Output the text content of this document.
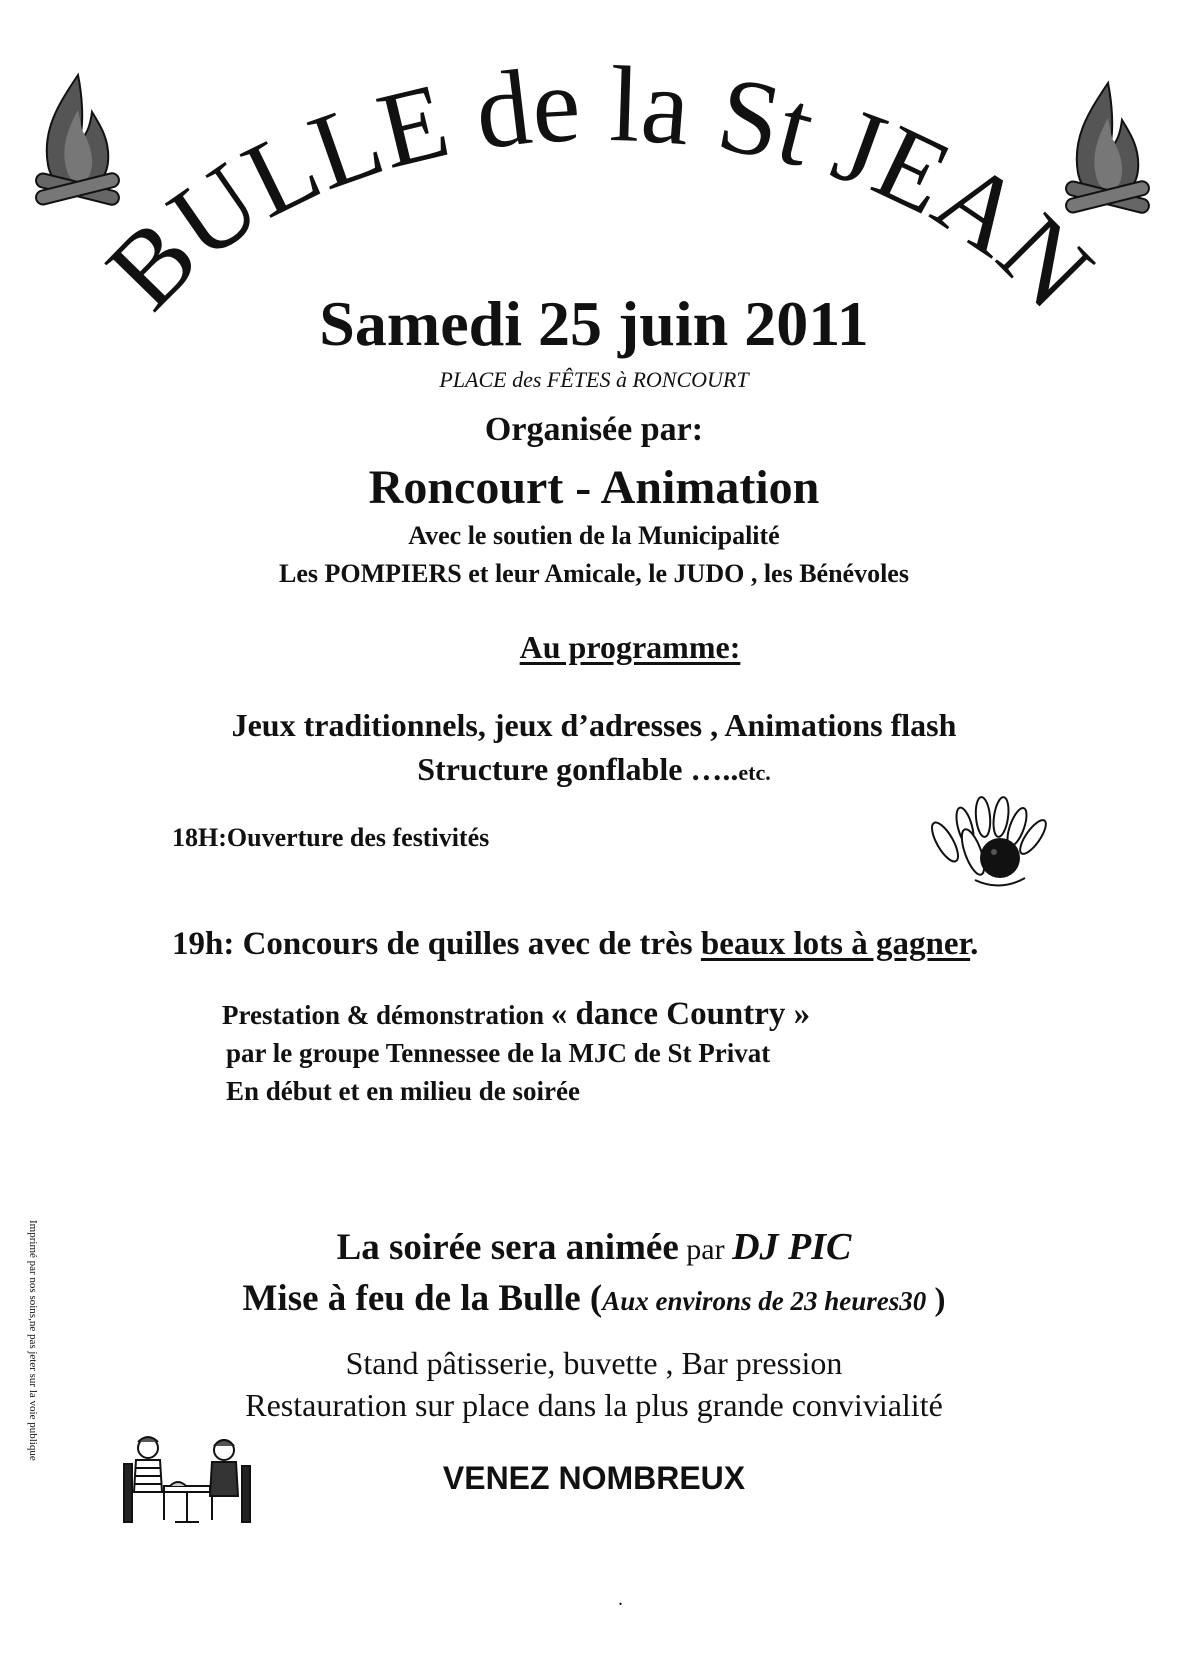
BULLE de la St JEAN
Samedi 25 juin 2011
PLACE des FÊTES à RONCOURT
Organisée par:
Roncourt - Animation
Avec le soutien de la Municipalité
Les POMPIERS et leur Amicale, le JUDO , les Bénévoles
Au programme:
Jeux traditionnels, jeux d’adresses , Animations flash
Structure gonflable …..etc.
18H:Ouverture des festivités
19h: Concours de quilles avec de très beaux lots à gagner.
Prestation & démonstration « dance Country »
par le groupe Tennessee de la MJC de St Privat
En début et en milieu de soirée
La soirée sera animée par DJ PIC
Mise à feu de la Bulle (Aux environs de 23 heures30 )
Stand pâtisserie, buvette , Bar pression
Restauration sur place dans la plus grande convivialité
VENEZ NOMBREUX
Imprimé par nos soins,ne pas jeter sur la voie publique
.
